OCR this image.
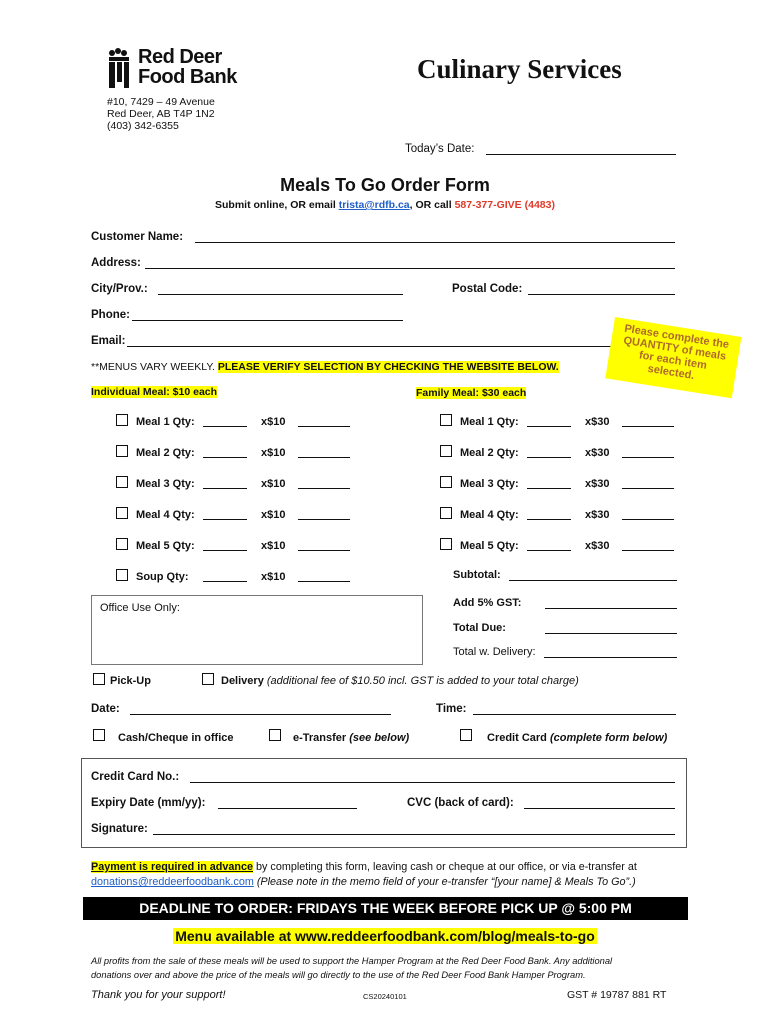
Red Deer
Food Bank
#10, 7429 – 49 Avenue
Red Deer, AB T4P 1N2
(403) 342-6355
Culinary Services
Today’s Date:
Meals To Go Order Form
Submit online, OR email trista@rdfb.ca, OR call 587-377-GIVE (4483)
Customer Name:
Address:
City/Prov.:	Postal Code:
Phone:
Email:	Please complete the QUANTITY of meals for each item selected.
**MENUS VARY WEEKLY. PLEASE VERIFY SELECTION BY CHECKING THE WEBSITE BELOW.
Individual Meal: $10 each	Family Meal: $30 each
Meal 1 Qty:	x$10
Meal 2 Qty:	x$10
Meal 3 Qty:	x$10
Meal 4 Qty:	x$10
Meal 5 Qty:	x$10
Soup Qty:	x$10
Meal 1 Qty:	x$30
Meal 2 Qty:	x$30
Meal 3 Qty:	x$30
Meal 4 Qty:	x$30
Meal 5 Qty:	x$30
Subtotal:
Add 5% GST:
Total Due:
Total w. Delivery:
Office Use Only:
Pick-Up	Delivery (additional fee of $10.50 incl. GST is added to your total charge)
Date:	Time:
Cash/Cheque in office	e-Transfer (see below)	Credit Card (complete form below)
Credit Card No.:
Expiry Date (mm/yy):	CVC (back of card):
Signature:
Payment is required in advance by completing this form, leaving cash or cheque at our office, or via e-transfer at
donations@reddeerfoodbank.com (Please note in the memo field of your e-transfer “[your name] & Meals To Go”.)
DEADLINE TO ORDER: FRIDAYS THE WEEK BEFORE PICK UP @ 5:00 PM
Menu available at www.reddeerfoodbank.com/blog/meals-to-go
All profits from the sale of these meals will be used to support the Hamper Program at the Red Deer Food Bank. Any additional
donations over and above the price of the meals will go directly to the use of the Red Deer Food Bank Hamper Program.
Thank you for your support!	CS20240101	GST # 19787 881 RT
